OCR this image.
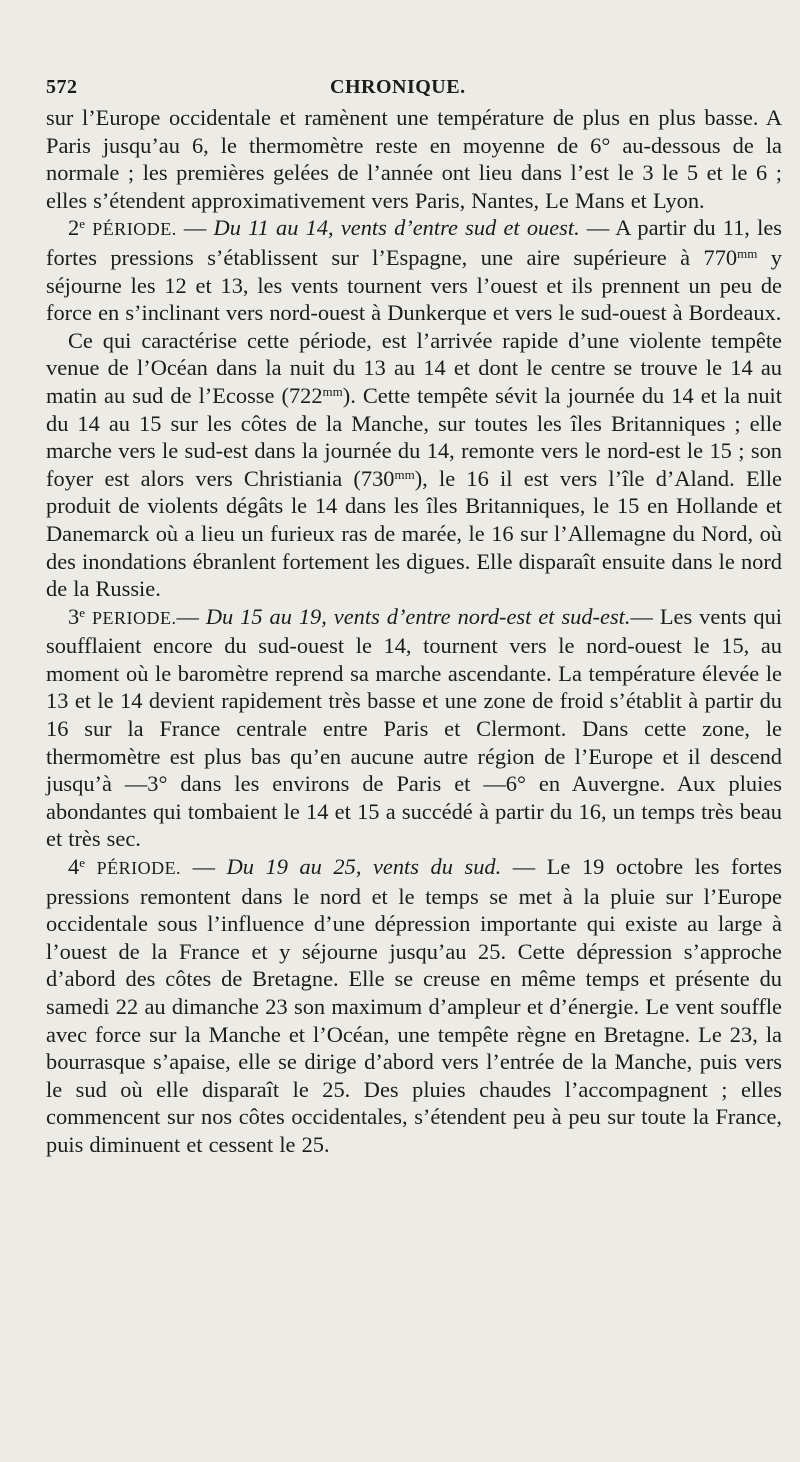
572	CHRONIQUE.

sur l’Europe occidentale et ramènent une température de plus en plus basse. A Paris jusqu’au 6, le thermomètre reste en moyenne de 6° au-dessous de la normale ; les premières gelées de l’année ont lieu dans l’est le 3 le 5 et le 6 ; elles s’étendent approximativement vers Paris, Nantes, Le Mans et Lyon.

2e PÉRIODE. — Du 11 au 14, vents d’entre sud et ouest. — A partir du 11, les fortes pressions s’établissent sur l’Espagne, une aire supérieure à $770^{mm}$ y séjourne les 12 et 13, les vents tournent vers l’ouest et ils prennent un peu de force en s’inclinant vers nord-ouest à Dunkerque et vers le sud-ouest à Bordeaux.

Ce qui caractérise cette période, est l’arrivée rapide d’une violente tempête venue de l’Océan dans la nuit du 13 au 14 et dont le centre se trouve le 14 au matin au sud de l’Ecosse $(722^{mm})$. Cette tempête sévit la journée du 14 et la nuit du 14 au 15 sur les côtes de la Manche, sur toutes les îles Britanniques ; elle marche vers le sud-est dans la journée du 14, remonte vers le nord-est le 15 ; son foyer est alors vers Christiania $(730^{mm})$, le 16 il est vers l’île d’Aland. Elle produit de violents dégâts le 14 dans les îles Britanniques, le 15 en Hollande et Danemarck où a lieu un furieux ras de marée, le 16 sur l’Allemagne du Nord, où des inondations ébranlent fortement les digues. Elle disparaît ensuite dans le nord de la Russie.

3e PERIODE.— Du 15 au 19, vents d’entre nord-est et sud-est.— Les vents qui soufflaient encore du sud-ouest le 14, tournent vers le nord-ouest le 15, au moment où le baromètre reprend sa marche ascendante. La température élevée le 13 et le 14 devient rapidement très basse et une zone de froid s’établit à partir du 16 sur la France centrale entre Paris et Clermont. Dans cette zone, le thermomètre est plus bas qu’en aucune autre région de l’Europe et il descend jusqu’à —3° dans les environs de Paris et —6° en Auvergne. Aux pluies abondantes qui tombaient le 14 et 15 a succédé à partir du 16, un temps très beau et très sec.

4e PÉRIODE. — Du 19 au 25, vents du sud. — Le 19 octobre les fortes pressions remontent dans le nord et le temps se met à la pluie sur l’Europe occidentale sous l’influence d’une dépression importante qui existe au large à l’ouest de la France et y séjourne jusqu’au 25. Cette dépression s’approche d’abord des côtes de Bretagne. Elle se creuse en même temps et présente du samedi 22 au dimanche 23 son maximum d’ampleur et d’énergie. Le vent souffle avec force sur la Manche et l’Océan, une tempête règne en Bretagne. Le 23, la bourrasque s’apaise, elle se dirige d’abord vers l’entrée de la Manche, puis vers le sud où elle disparaît le 25. Des pluies chaudes l’accompagnent ; elles commencent sur nos côtes occidentales, s’étendent peu à peu sur toute la France, puis diminuent et cessent le 25.
